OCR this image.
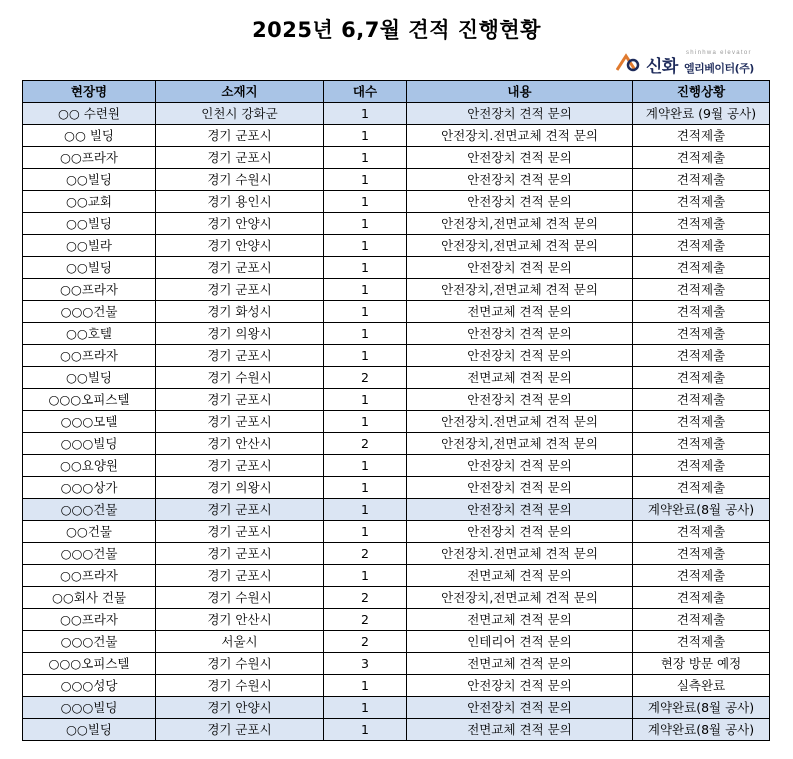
2025년 6,7월 견적 진행현황
shinhwa elevator
신화 엘리베이터(주)
현장명	소재지	대수	내용	진행상황
○○ 수련원	인천시 강화군	1	안전장치 견적 문의	계약완료 (9월 공사)
○○ 빌딩	경기 군포시	1	안전장치.전면교체 견적 문의	견적제출
○○프라자	경기 군포시	1	안전장치 견적 문의	견적제출
○○빌딩	경기 수원시	1	안전장치 견적 문의	견적제출
○○교회	경기 용인시	1	안전장치 견적 문의	견적제출
○○빌딩	경기 안양시	1	안전장치,전면교체 견적 문의	견적제출
○○빌라	경기 안양시	1	안전장치,전면교체 견적 문의	견적제출
○○빌딩	경기 군포시	1	안전장치 견적 문의	견적제출
○○프라자	경기 군포시	1	안전장치,전면교체 견적 문의	견적제출
○○○건물	경기 화성시	1	전면교체 견적 문의	견적제출
○○호텔	경기 의왕시	1	안전장치 견적 문의	견적제출
○○프라자	경기 군포시	1	안전장치 견적 문의	견적제출
○○빌딩	경기 수원시	2	전면교체 견적 문의	견적제출
○○○오피스텔	경기 군포시	1	안전장치 견적 문의	견적제출
○○○모텔	경기 군포시	1	안전장치.전면교체 견적 문의	견적제출
○○○빌딩	경기 안산시	2	안전장치,전면교체 견적 문의	견적제출
○○요양원	경기 군포시	1	안전장치 견적 문의	견적제출
○○○상가	경기 의왕시	1	안전장치 견적 문의	견적제출
○○○건물	경기 군포시	1	안전장치 견적 문의	계약완료(8월 공사)
○○건물	경기 군포시	1	안전장치 견적 문의	견적제출
○○○건물	경기 군포시	2	안전장치.전면교체 견적 문의	견적제출
○○프라자	경기 군포시	1	전면교체 견적 문의	견적제출
○○회사 건물	경기 수원시	2	안전장치,전면교체 견적 문의	견적제출
○○프라자	경기 안산시	2	전면교체 견적 문의	견적제출
○○○건물	서울시	2	인테리어 견적 문의	견적제출
○○○오피스텔	경기 수원시	3	전면교체 견적 문의	현장 방문 예정
○○○성당	경기 수원시	1	안전장치 견적 문의	실측완료
○○○빌딩	경기 안양시	1	안전장치 견적 문의	계약완료(8월 공사)
○○빌딩	경기 군포시	1	전면교체 견적 문의	계약완료(8월 공사)
